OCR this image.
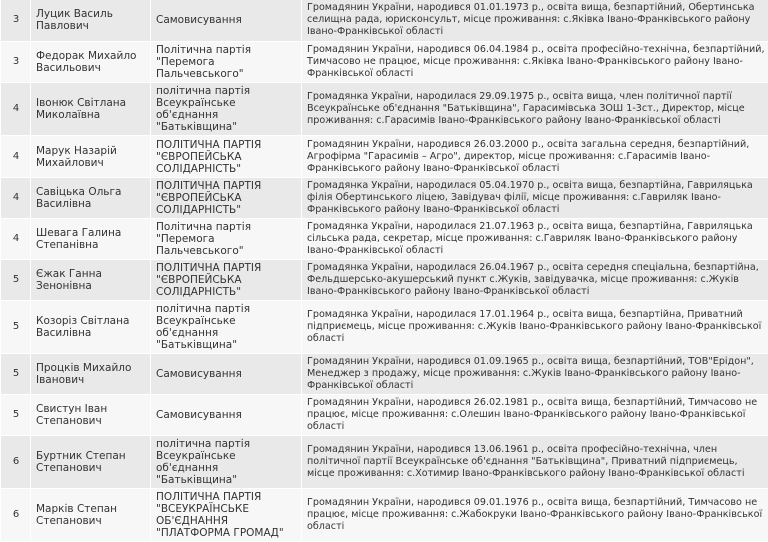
3	Луцик Василь Павлович	Самовисування	Громадянин України, народився 01.01.1973 р., освіта вища, безпартійний, Обертинська селищна рада, юрисконсульт, місце проживання: с.Яківка Івано-Франківського району Івано-Франківської області
3	Федорак Михайло Васильович	Політична партія "Перемога Пальчевського"	Громадянин України, народився 06.04.1984 р., освіта професійно-технічна, безпартійний, Тимчасово не працює, місце проживання: с.Яківка Івано-Франківського району Івано-Франківської області
4	Івонюк Світлана Миколаївна	політична партія Всеукраїнське об'єднання "Батьківщина"	Громадянка України, народилася 29.09.1975 р., освіта вища, член політичної партії Всеукраїнське об'єднання "Батьківщина", Гарасимівська ЗОШ 1-3ст., Директор, місце проживання: с.Гарасимів Івано-Франківського району Івано-Франківської області
4	Марук Назарій Михайлович	ПОЛІТИЧНА ПАРТІЯ "ЄВРОПЕЙСЬКА СОЛІДАРНІСТЬ"	Громадянин України, народився 26.03.2000 р., освіта загальна середня, безпартійний, Агрофірма "Гарасимів – Агро", директор, місце проживання: с.Гарасимів Івано-Франківського району Івано-Франківської області
4	Савіцька Ольга Василівна	ПОЛІТИЧНА ПАРТІЯ "ЄВРОПЕЙСЬКА СОЛІДАРНІСТЬ"	Громадянка України, народилася 05.04.1970 р., освіта вища, безпартійна, Гавриляцька філія Обертинського ліцею, Завідувач філії, місце проживання: с.Гавриляк Івано-Франківського району Івано-Франківської області
4	Шевага Галина Степанівна	Політична партія "Перемога Пальчевського"	Громадянка України, народилася 21.07.1963 р., освіта вища, безпартійна, Гавриляцька сільська рада, секретар, місце проживання: с.Гавриляк Івано-Франківського району Івано-Франківської області
5	Єжак Ганна Зенонівна	ПОЛІТИЧНА ПАРТІЯ "ЄВРОПЕЙСЬКА СОЛІДАРНІСТЬ"	Громадянка України, народилася 26.04.1967 р., освіта середня спеціальна, безпартійна, Фельдшерсько-акушерський пункт с.Жуків, завідувачка, місце проживання: с.Жуків Івано-Франківського району Івано-Франківської області
5	Козоріз Світлана Василівна	політична партія Всеукраїнське об'єднання "Батьківщина"	Громадянка України, народилася 17.01.1964 р., освіта вища, безпартійна, Приватний підприємець, місце проживання: с.Жуків Івано-Франківського району Івано-Франківської області
5	Процків Михайло Іванович	Самовисування	Громадянин України, народився 01.09.1965 р., освіта вища, безпартійний, ТОВ"Ерідон", Менеджер з продажу, місце проживання: с.Жуків Івано-Франківського району Івано-Франківської області
5	Свистун Іван Степанович	Самовисування	Громадянин України, народився 26.02.1981 р., освіта вища, безпартійний, Тимчасово не працює, місце проживання: с.Олешин Івано-Франківського району Івано-Франківської області
6	Буртник Степан Степанович	політична партія Всеукраїнське об'єднання "Батьківщина"	Громадянин України, народився 13.06.1961 р., освіта професійно-технічна, член політичної партії Всеукраїнське об'єднання "Батьківщина", Приватний підприємець, місце проживання: с.Хотимир Івано-Франківського району Івано-Франківської області
6	Марків Степан Степанович	ПОЛІТИЧНА ПАРТІЯ "ВСЕУКРАЇНСЬКЕ ОБ'ЄДНАННЯ "ПЛАТФОРМА ГРОМАД"	Громадянин України, народився 09.01.1976 р., освіта вища, безпартійний, Тимчасово не працює, місце проживання: с.Жабокруки Івано-Франківського району Івано-Франківської області
